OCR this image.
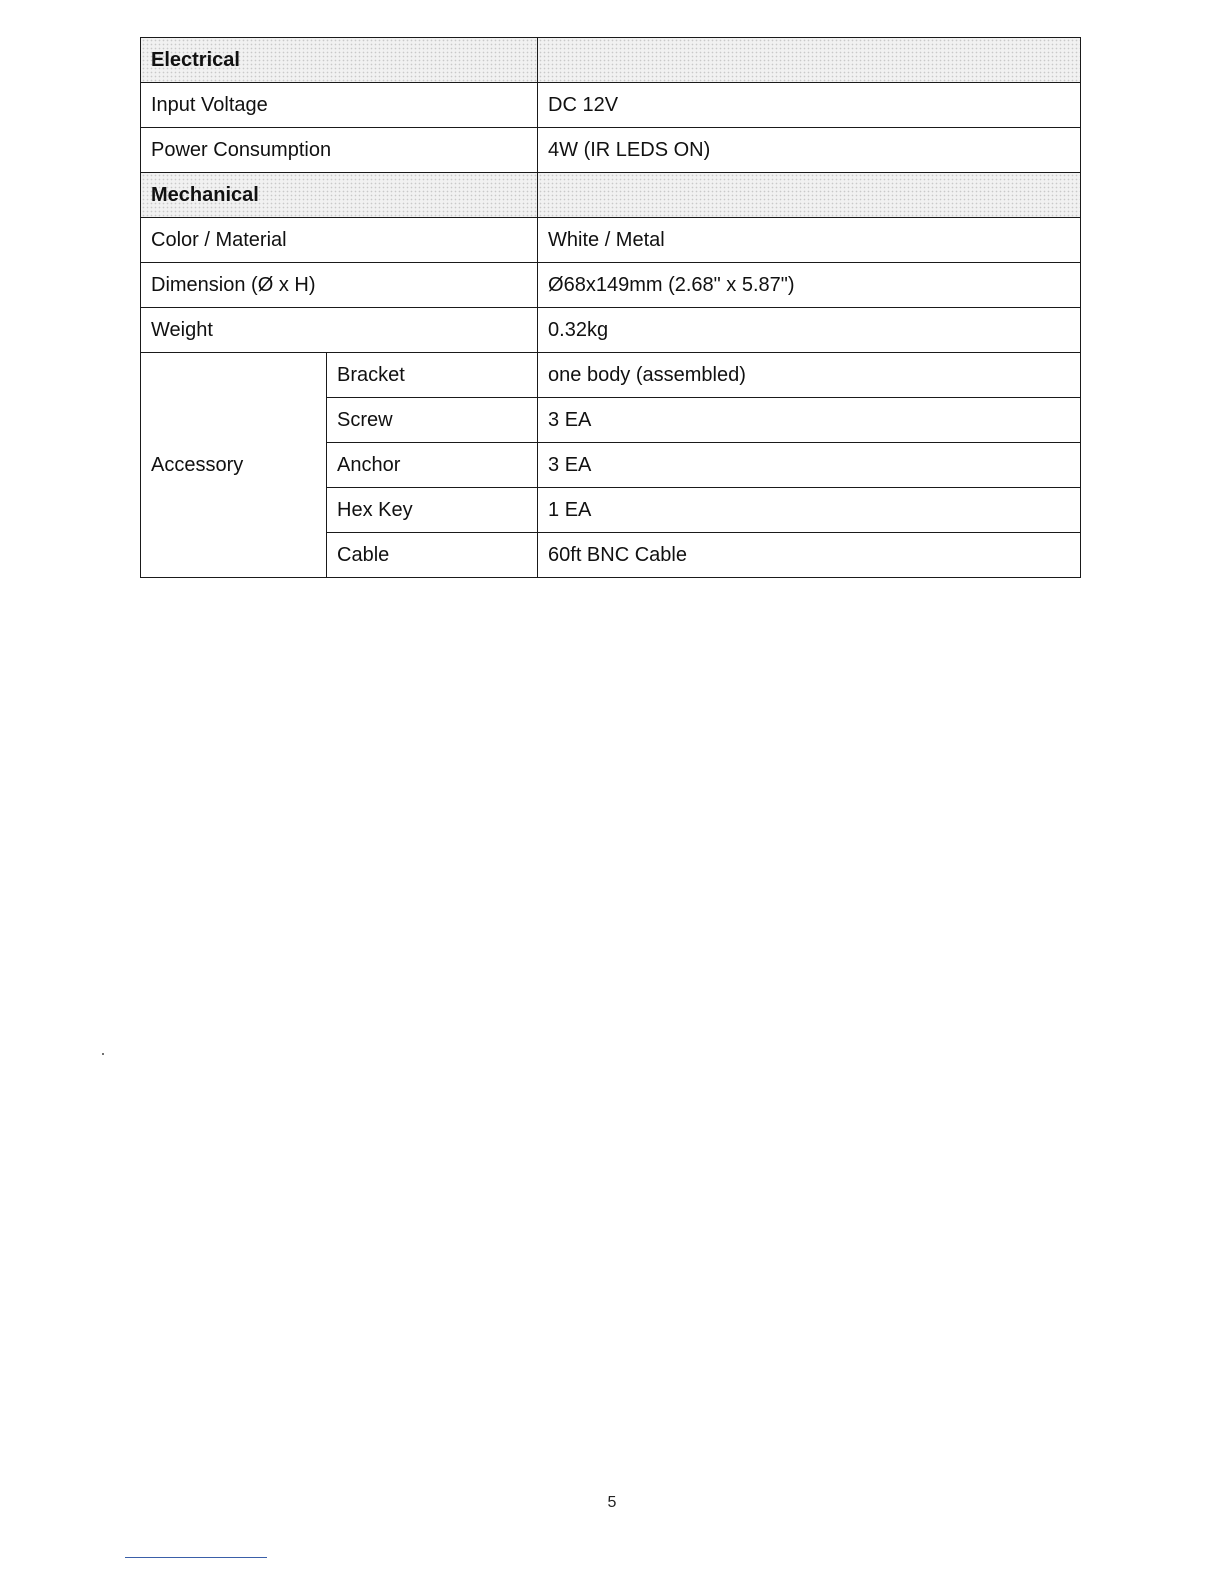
Electrical		
Input Voltage		DC 12V
Power Consumption		4W (IR LEDS ON)
Mechanical		
Color / Material		White / Metal
Dimension (Ø x H)		Ø68x149mm (2.68" x 5.87")
Weight		0.32kg
Accessory	Bracket	one body (assembled)
	Screw	3 EA
	Anchor	3 EA
	Hex Key	1 EA
	Cable	60ft BNC Cable
5
